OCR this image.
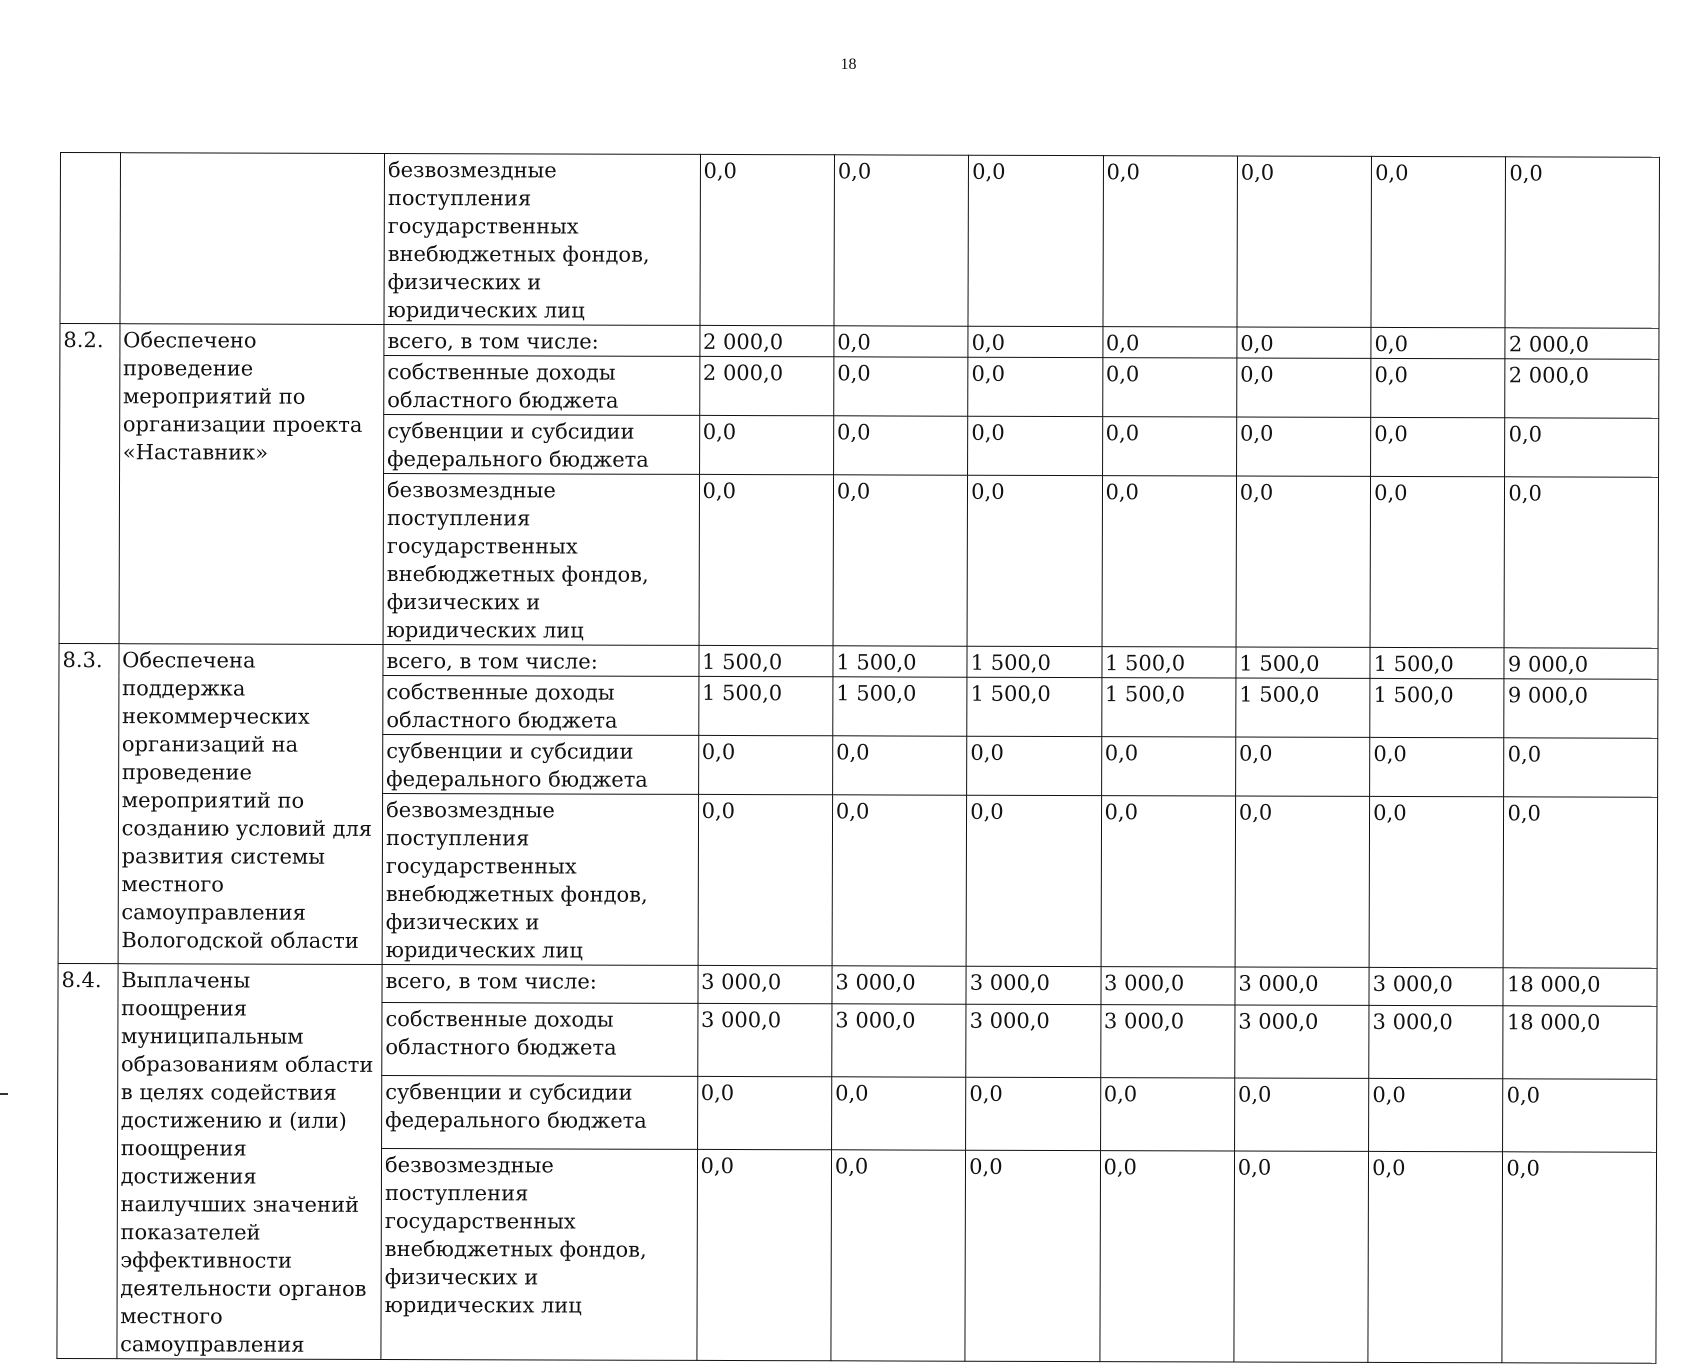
18
		безвозмездные поступления государственных внебюджетных фондов, физических и юридических лиц	0,0	0,0	0,0	0,0	0,0	0,0	0,0
8.2.	Обеспечено проведение мероприятий по организации проекта «Наставник»	всего, в том числе:	2 000,0	0,0	0,0	0,0	0,0	0,0	2 000,0
		собственные доходы областного бюджета	2 000,0	0,0	0,0	0,0	0,0	0,0	2 000,0
		субвенции и субсидии федерального бюджета	0,0	0,0	0,0	0,0	0,0	0,0	0,0
		безвозмездные поступления государственных внебюджетных фондов, физических и юридических лиц	0,0	0,0	0,0	0,0	0,0	0,0	0,0
8.3.	Обеспечена поддержка некоммерческих организаций на проведение мероприятий по созданию условий для развития системы местного самоуправления Вологодской области	всего, в том числе:	1 500,0	1 500,0	1 500,0	1 500,0	1 500,0	1 500,0	9 000,0
		собственные доходы областного бюджета	1 500,0	1 500,0	1 500,0	1 500,0	1 500,0	1 500,0	9 000,0
		субвенции и субсидии федерального бюджета	0,0	0,0	0,0	0,0	0,0	0,0	0,0
		безвозмездные поступления государственных внебюджетных фондов, физических и юридических лиц	0,0	0,0	0,0	0,0	0,0	0,0	0,0
8.4.	Выплачены поощрения муниципальным образованиям области в целях содействия достижению и (или) поощрения достижения наилучших значений показателей эффективности деятельности органов местного самоуправления	всего, в том числе:	3 000,0	3 000,0	3 000,0	3 000,0	3 000,0	3 000,0	18 000,0
		собственные доходы областного бюджета	3 000,0	3 000,0	3 000,0	3 000,0	3 000,0	3 000,0	18 000,0
		субвенции и субсидии федерального бюджета	0,0	0,0	0,0	0,0	0,0	0,0	0,0
		безвозмездные поступления государственных внебюджетных фондов, физических и юридических лиц	0,0	0,0	0,0	0,0	0,0	0,0	0,0
